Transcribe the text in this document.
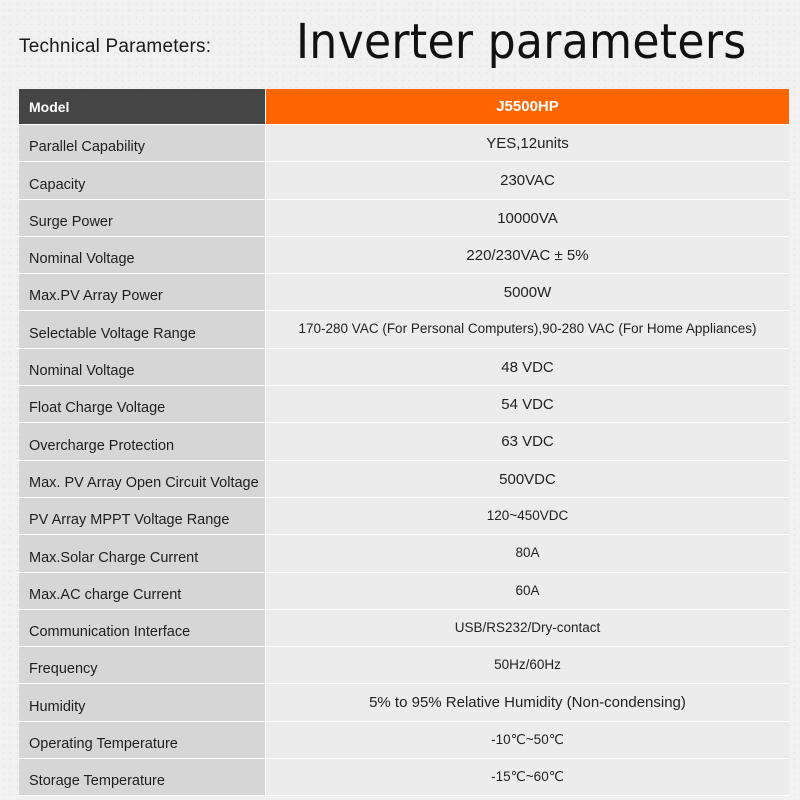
Technical Parameters: Inverter parameters
Model	J5500HP
Parallel Capability	YES,12units
Capacity	230VAC
Surge Power	10000VA
Nominal Voltage	220/230VAC ± 5%
Max.PV Array Power	5000W
Selectable Voltage Range	170-280 VAC (For Personal Computers),90-280 VAC (For Home Appliances)
Nominal Voltage	48 VDC
Float Charge Voltage	54 VDC
Overcharge Protection	63 VDC
Max. PV Array Open Circuit Voltage	500VDC
PV Array MPPT Voltage Range	120~450VDC
Max.Solar Charge Current	80A
Max.AC charge Current	60A
Communication Interface	USB/RS232/Dry-contact
Frequency	50Hz/60Hz
Humidity	5% to 95% Relative Humidity (Non-condensing)
Operating Temperature	-10℃~50℃
Storage Temperature	-15℃~60℃
